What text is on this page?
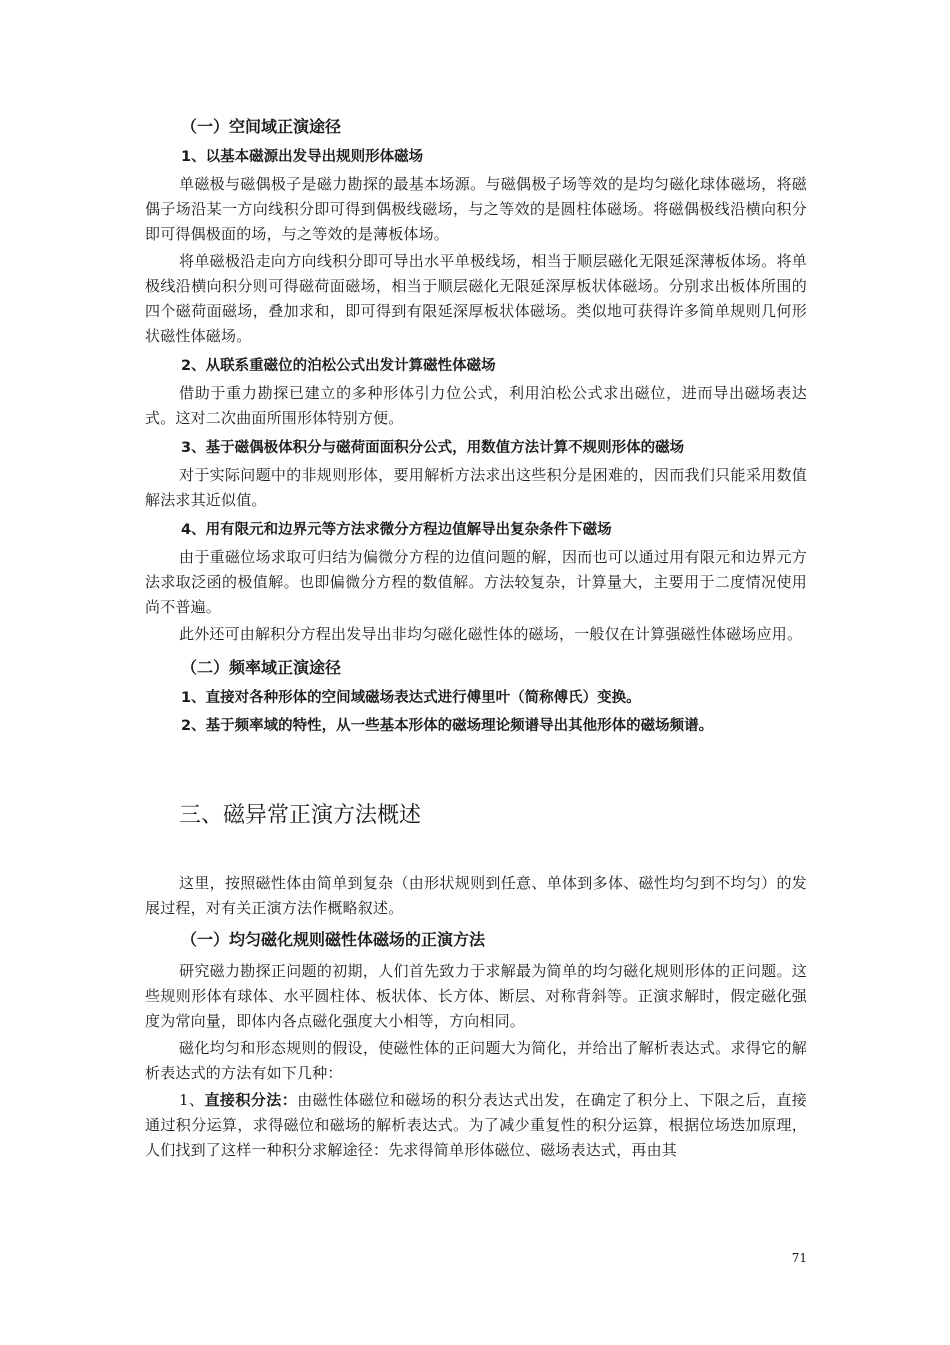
（一）空间域正演途径
1、以基本磁源出发导出规则形体磁场

单磁极与磁偶极子是磁力勘探的最基本场源。与磁偶极子场等效的是均匀磁化球体磁场，将磁偶子场沿某一方向线积分即可得到偶极线磁场，与之等效的是圆柱体磁场。将磁偶极线沿横向积分即可得偶极面的场，与之等效的是薄板体场。

将单磁极沿走向方向线积分即可导出水平单极线场，相当于顺层磁化无限延深薄板体场。将单极线沿横向积分则可得磁荷面磁场，相当于顺层磁化无限延深厚板状体磁场。分别求出板体所围的四个磁荷面磁场，叠加求和，即可得到有限延深厚板状体磁场。类似地可获得许多简单规则几何形状磁性体磁场。

2、从联系重磁位的泊松公式出发计算磁性体磁场

借助于重力勘探已建立的多种形体引力位公式，利用泊松公式求出磁位，进而导出磁场表达式。这对二次曲面所围形体特别方便。

3、基于磁偶极体积分与磁荷面面积分公式，用数值方法计算不规则形体的磁场

对于实际问题中的非规则形体，要用解析方法求出这些积分是困难的，因而我们只能采用数值解法求其近似值。

4、用有限元和边界元等方法求微分方程边值解导出复杂条件下磁场

由于重磁位场求取可归结为偏微分方程的边值问题的解，因而也可以通过用有限元和边界元方法求取泛函的极值解。也即偏微分方程的数值解。方法较复杂，计算量大，主要用于二度情况使用尚不普遍。

此外还可由解积分方程出发导出非均匀磁化磁性体的磁场，一般仅在计算强磁性体磁场应用。

（二）频率域正演途径
1、直接对各种形体的空间域磁场表达式进行傅里叶（简称傅氏）变换。
2、基于频率域的特性，从一些基本形体的磁场理论频谱导出其他形体的磁场频谱。
三、磁异常正演方法概述

这里，按照磁性体由简单到复杂（由形状规则到任意、单体到多体、磁性均匀到不均匀）的发展过程，对有关正演方法作概略叙述。

（一）均匀磁化规则磁性体磁场的正演方法

研究磁力勘探正问题的初期，人们首先致力于求解最为简单的均匀磁化规则形体的正问题。这些规则形体有球体、水平圆柱体、板状体、长方体、断层、对称背斜等。正演求解时，假定磁化强度为常向量，即体内各点磁化强度大小相等，方向相同。

磁化均匀和形态规则的假设，使磁性体的正问题大为简化，并给出了解析表达式。求得它的解析表达式的方法有如下几种：

1、直接积分法：由磁性体磁位和磁场的积分表达式出发，在确定了积分上、下限之后，直接通过积分运算，求得磁位和磁场的解析表达式。为了减少重复性的积分运算，根据位场迭加原理，人们找到了这样一种积分求解途径：先求得简单形体磁位、磁场表达式，再由其

71
